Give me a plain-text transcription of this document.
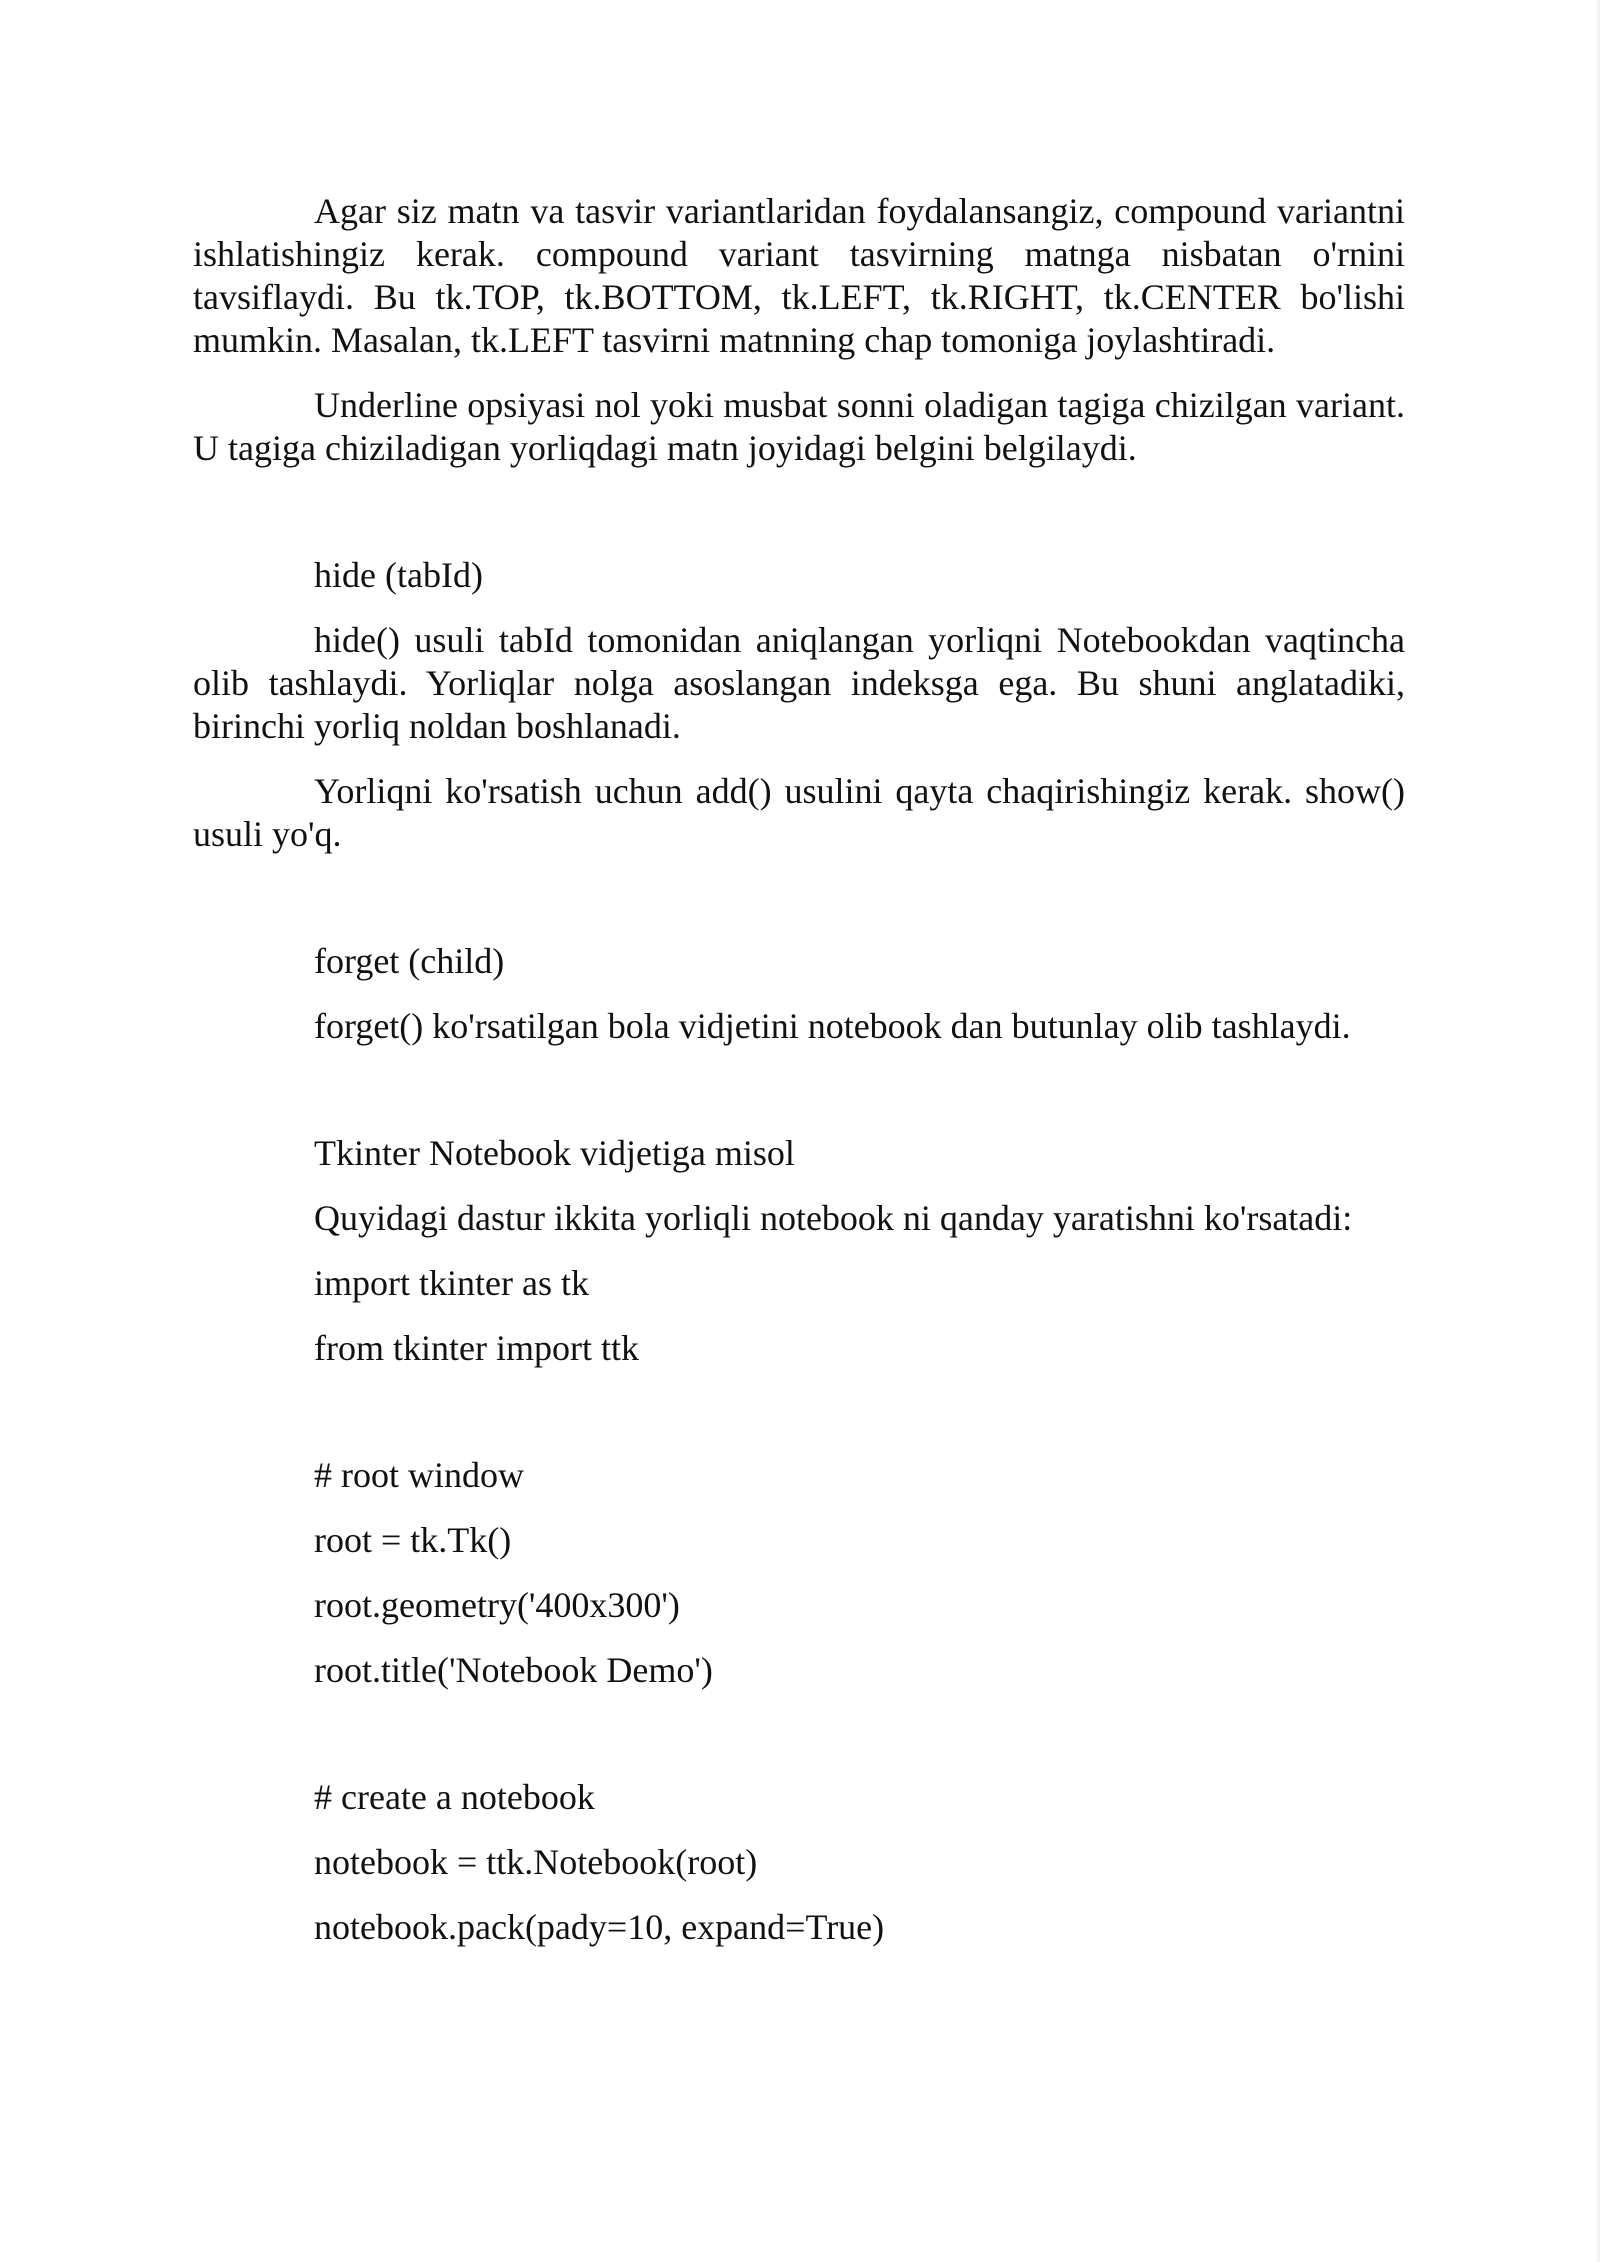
Agar siz matn va tasvir variantlaridan foydalansangiz, compound variantni ishlatishingiz kerak. compound variant tasvirning matnga nisbatan o'rnini tavsiflaydi. Bu tk.TOP, tk.BOTTOM, tk.LEFT, tk.RIGHT, tk.CENTER bo'lishi mumkin. Masalan, tk.LEFT tasvirni matnning chap tomoniga joylashtiradi.

Underline opsiyasi nol yoki musbat sonni oladigan tagiga chizilgan variant. U tagiga chiziladigan yorliqdagi matn joyidagi belgini belgilaydi.

hide (tabId)

hide() usuli tabId tomonidan aniqlangan yorliqni Notebookdan vaqtincha olib tashlaydi. Yorliqlar nolga asoslangan indeksga ega. Bu shuni anglatadiki, birinchi yorliq noldan boshlanadi.

Yorliqni ko'rsatish uchun add() usulini qayta chaqirishingiz kerak. show() usuli yo'q.

forget (child)
forget() ko'rsatilgan bola vidjetini notebook dan butunlay olib tashlaydi.
Tkinter Notebook vidjetiga misol
Quyidagi dastur ikkita yorliqli notebook ni qanday yaratishni ko'rsatadi:
import tkinter as tk
from tkinter import ttk
# root window
root = tk.Tk()
root.geometry('400x300')
root.title('Notebook Demo')
# create a notebook
notebook = ttk.Notebook(root)
notebook.pack(pady=10, expand=True)
